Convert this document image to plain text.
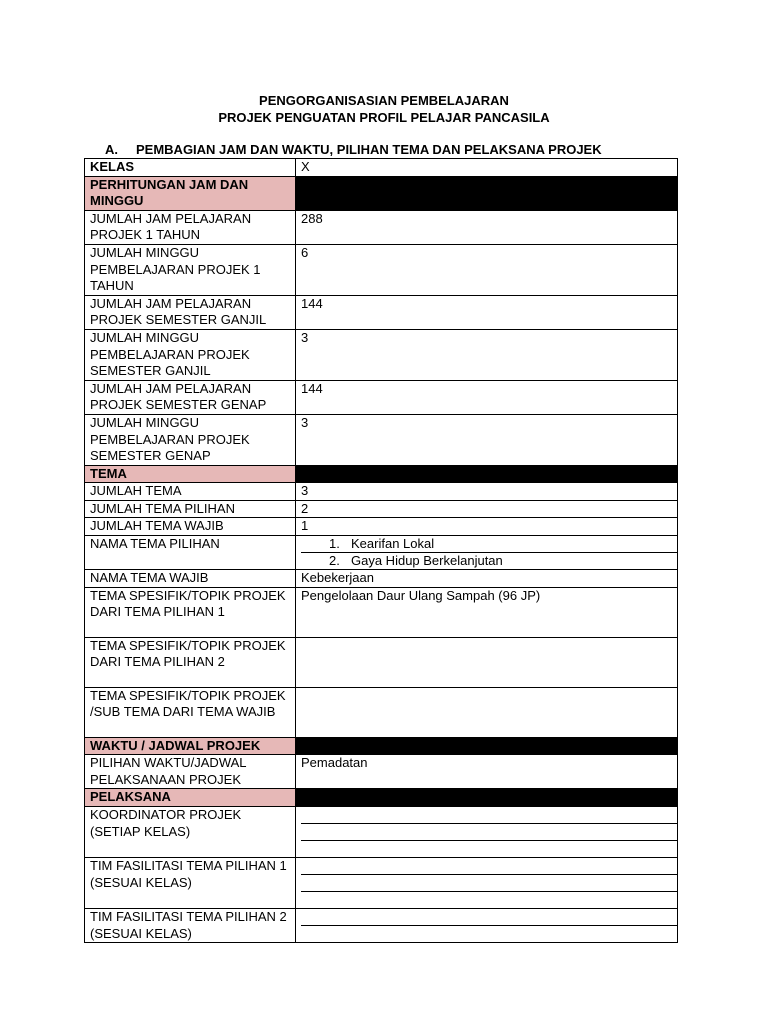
PENGORGANISASIAN PEMBELAJARAN
PROJEK PENGUATAN PROFIL PELAJAR PANCASILA
A. PEMBAGIAN JAM DAN WAKTU, PILIHAN TEMA DAN PELAKSANA PROJEK
KELAS	X
PERHITUNGAN JAM DAN MINGGU	
JUMLAH JAM PELAJARAN PROJEK 1 TAHUN	288
JUMLAH MINGGU PEMBELAJARAN PROJEK 1 TAHUN	6
JUMLAH JAM PELAJARAN PROJEK SEMESTER GANJIL	144
JUMLAH MINGGU PEMBELAJARAN PROJEK SEMESTER GANJIL	3
JUMLAH JAM PELAJARAN PROJEK SEMESTER GENAP	144
JUMLAH MINGGU PEMBELAJARAN PROJEK SEMESTER GENAP	3
TEMA	
JUMLAH TEMA	3
JUMLAH TEMA PILIHAN	2
JUMLAH TEMA WAJIB	1
NAMA TEMA PILIHAN	1. Kearifan Lokal
2. Gaya Hidup Berkelanjutan

NAMA TEMA WAJIB	Kebekerjaan
TEMA SPESIFIK/TOPIK PROJEK DARI TEMA PILIHAN 1	Pengelolaan Daur Ulang Sampah (96 JP)
TEMA SPESIFIK/TOPIK PROJEK DARI TEMA PILIHAN 2	
TEMA SPESIFIK/TOPIK PROJEK /SUB TEMA DARI TEMA WAJIB	
WAKTU / JADWAL PROJEK	
PILIHAN WAKTU/JADWAL PELAKSANAAN PROJEK	Pemadatan
PELAKSANA	
KOORDINATOR PROJEK (SETIAP KELAS)	

TIM FASILITASI TEMA PILIHAN 1 (SESUAI KELAS)	

TIM FASILITASI TEMA PILIHAN 2 (SESUAI KELAS)	
